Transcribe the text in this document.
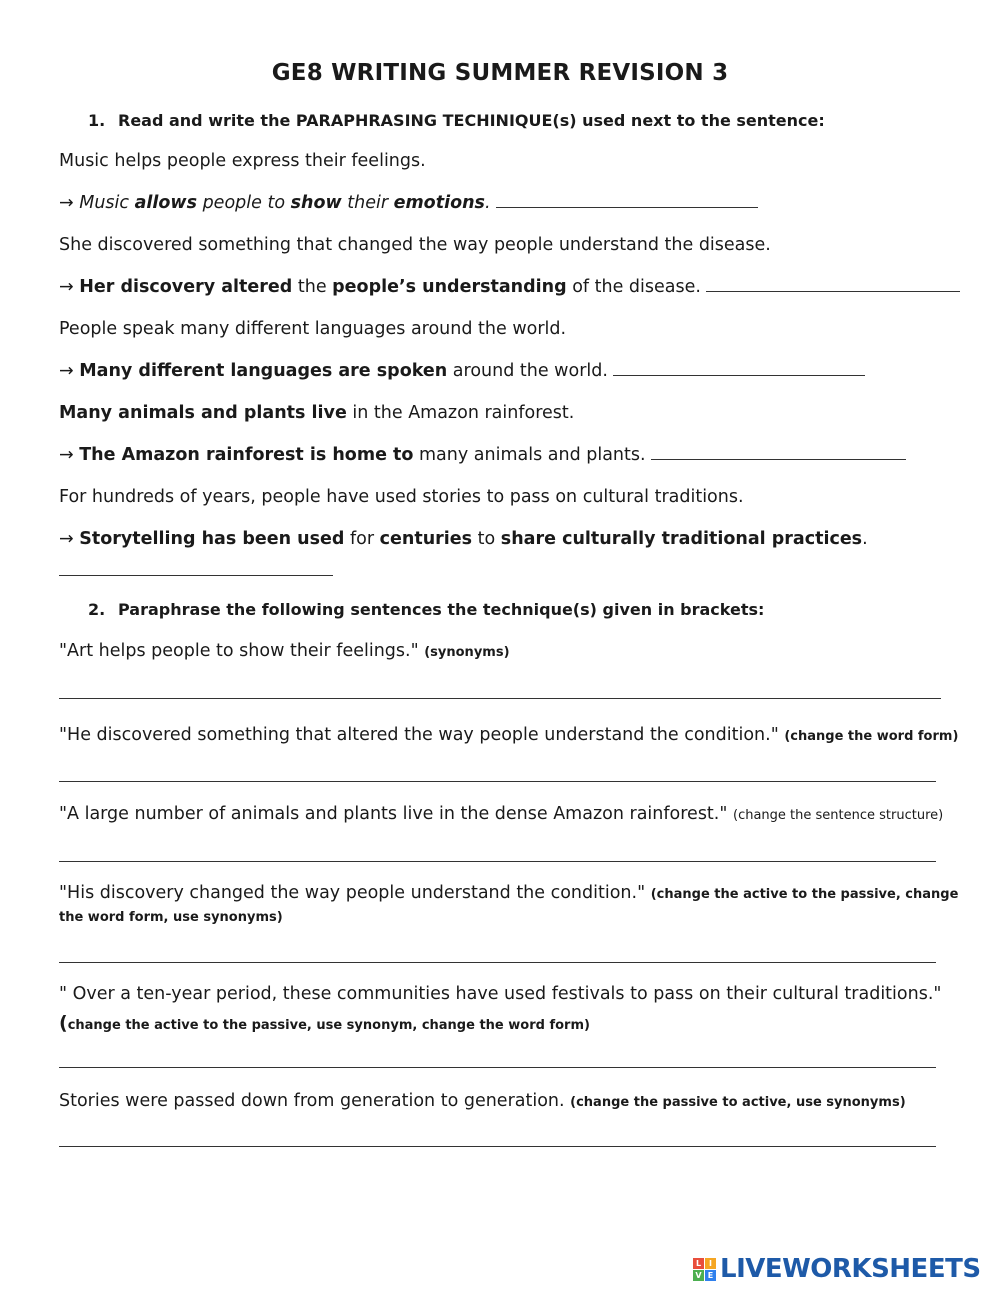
GE8 WRITING SUMMER REVISION 3
1. Read and write the PARAPHRASING TECHINIQUE(s) used next to the sentence:
Music helps people express their feelings.
→ Music allows people to show their emotions.
She discovered something that changed the way people understand the disease.
→ Her discovery altered the people’s understanding of the disease.
People speak many different languages around the world.
→ Many different languages are spoken around the world.
Many animals and plants live in the Amazon rainforest.
→ The Amazon rainforest is home to many animals and plants.
For hundreds of years, people have used stories to pass on cultural traditions.
→ Storytelling has been used for centuries to share culturally traditional practices.
2. Paraphrase the following sentences the technique(s) given in brackets:
"Art helps people to show their feelings." (synonyms)
"He discovered something that altered the way people understand the condition." (change the word form)
"A large number of animals and plants live in the dense Amazon rainforest." (change the sentence structure)
"His discovery changed the way people understand the condition." (change the active to the passive, change
the word form, use synonyms)
" Over a ten-year period, these communities have used festivals to pass on their cultural traditions."
(change the active to the passive, use synonym, change the word form)
Stories were passed down from generation to generation. (change the passive to active, use synonyms)
L I
V E LIVEWORKSHEETS
